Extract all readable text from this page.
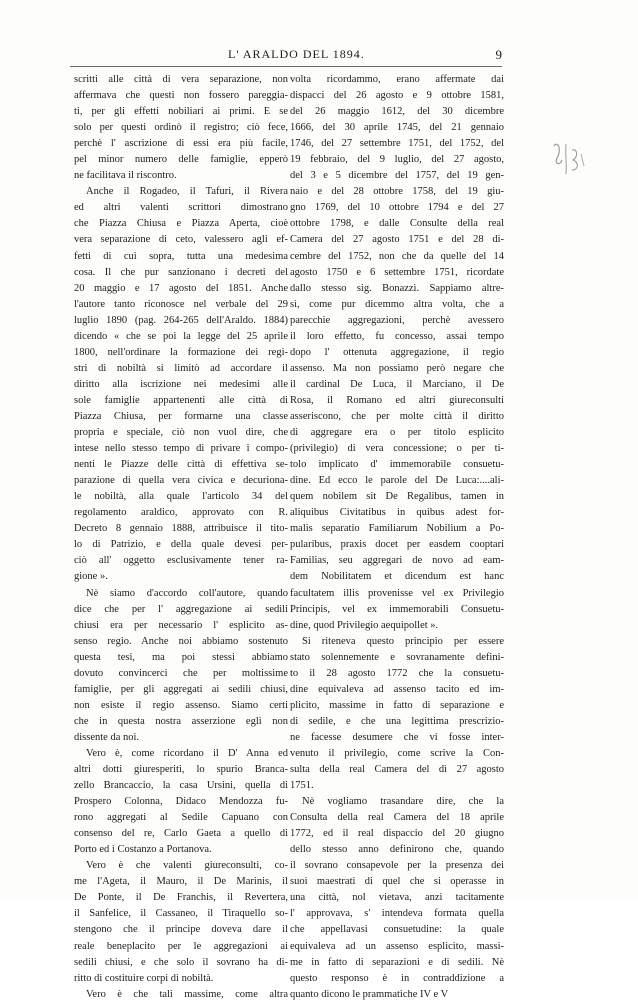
L' ARALDO DEL 1894.	9
scritti alle città di vera separazione, non
affermava che questi non fossero pareggia-
ti, per gli effetti nobiliari ai primi. E se
solo per questi ordinò il registro; ciò fece,
perchè l' ascrizione di essi era più facile,
pel minor numero delle famiglie, epperò
ne facilitava il riscontro.
Anche il Rogadeo, il Tafuri, il Rivera
ed altri valenti scrittori dimostrano
che Piazza Chiusa e Piazza Aperta, cioè
vera separazione di ceto, valessero agli ef-
fetti di cui sopra, tutta una medesima
cosa. Il che pur sanzionano i decreti del
20 maggio e 17 agosto del 1851. Anche
l'autore tanto riconosce nel verbale del 29
luglio 1890 (pag. 264-265 dell'Araldo. 1884)
dicendo « che se poi la legge del 25 aprile
1800, nell'ordinare la formazione dei regi-
stri di nobiltà si limitò ad accordare il
diritto alla iscrizione nei medesimi alle
sole famiglie appartenenti alle città di
Piazza Chiusa, per formarne una classe
propria e speciale, ciò non vuol dire, che
intese nello stesso tempo di privare i compo-
nenti le Piazze delle città di effettiva se-
parazione di quella vera civica e decuriona-
le nobiltà, alla quale l'articolo 34 del
regolamento araldico, approvato con R.
Decreto 8 gennaio 1888, attribuisce il tito-
lo di Patrizio, e della quale devesi per-
ciò all' oggetto esclusivamente tener ra-
gione ».
Nè siamo d'accordo coll'autore, quando
dice che per l' aggregazione ai sedili
chiusi era per necessario l' esplicito as-
senso regio. Anche noi abbiamo sostenuto
questa tesi, ma poi stessi abbiamo
dovuto convincerci che per moltissime
famiglie, per gli aggregati ai sedili chiusi,
non esiste il regio assenso. Siamo certi
che in questa nostra asserzione egli non
dissente da noi.
Vero è, come ricordano il D' Anna ed
altri dotti giuresperiti, lo spurio Branca-
zello Brancaccio, la casa Ursini, quella di
Prospero Colonna, Didaco Mendozza fu-
rono aggregati al Sedile Capuano con
consenso del re, Carlo Gaeta a quello di
Porto ed i Costanzo a Portanova.
Vero è che valenti giureconsulti, co-
me l'Ageta, il Mauro, il De Marinis, il
De Ponte, il De Franchis, il Revertera,
il Sanfelice, il Cassaneo, il Tiraquello so-
stengono che il principe doveva dare il
reale beneplacito per le aggregazioni ai
sedili chiusi, e che solo il sovrano ha di-
ritto di costituire corpi di nobiltà.
Vero è che tali massime, come altra
volta ricordammo, erano affermate dai
dispacci del 26 agosto e 9 ottobre 1581,
del 26 maggio 1612, del 30 dicembre
1666, del 30 aprile 1745, del 21 gennaio
1746, del 27 settembre 1751, del 1752, del
19 febbraio, del 9 luglio, del 27 agosto,
del 3 e 5 dicembre del 1757, del 19 gen-
naio e del 28 ottobre 1758, del 19 giu-
gno 1769, del 10 ottobre 1794 e del 27
ottobre 1798, e dalle Consulte della real
Camera del 27 agosto 1751 e del 28 di-
cembre del 1752, non che da quelle del 14
agosto 1750 e 6 settembre 1751, ricordate
dallo stesso sig. Bonazzi. Sappiamo altre-
sì, come pur dicemmo altra volta, che a
parecchie aggregazioni, perchè avessero
il loro effetto, fu concesso, assai tempo
dopo l' ottenuta aggregazione, il regio
assenso. Ma non possiamo però negare che
il cardinal De Luca, il Marciano, il De
Rosa, il Romano ed altri giureconsulti
asseriscono, che per molte città il diritto
di aggregare era o per titolo esplicito
(privilegio) di vera concessione; o per ti-
tolo implicato d' immemorabile consuetu-
dine. Ed ecco le parole del De Luca:....ali-
quem nobilem sit De Regalibus, tamen in
aliquibus Civitatibus in quibus adest for-
malis separatio Familiarum Nobilium a Po-
pularibus, praxis docet per easdem cooptari
Familias, seu aggregari de novo ad eam-
dem Nobilitatem et dicendum est hanc
facultatem illis provenisse vel ex Privilegio
Principis, vel ex immemorabili Consuetu-
dine, quod Privilegio aequipollet ».
Si riteneva questo principio per essere
stato solennemente e sovranamente defini-
to il 28 agosto 1772 che la consuetu-
dine equivaleva ad assenso tacito ed im-
plicito, massime in fatto di separazione e
di sedile, e che una legittima prescrizio-
ne facesse desumere che vi fosse inter-
venuto il privilegio, come scrive la Con-
sulta della real Camera del dì 27 agosto
1751.
Nè vogliamo trasandare dire, che la
Consulta della real Camera del 18 aprile
1772, ed il real dispaccio del 20 giugno
dello stesso anno definirono che, quando
il sovrano consapevole per la presenza dei
suoi maestrati di quel che si operasse in
una città, nol vietava, anzi tacitamente
l' approvava, s' intendeva formata quella
che appellavasi consuetudine: la quale
equivaleva ad un assenso esplicito, massi-
me in fatto di separazioni e di sedili. Nè
questo responso è in contraddizione a
quanto dicono le prammatiche IV e V
